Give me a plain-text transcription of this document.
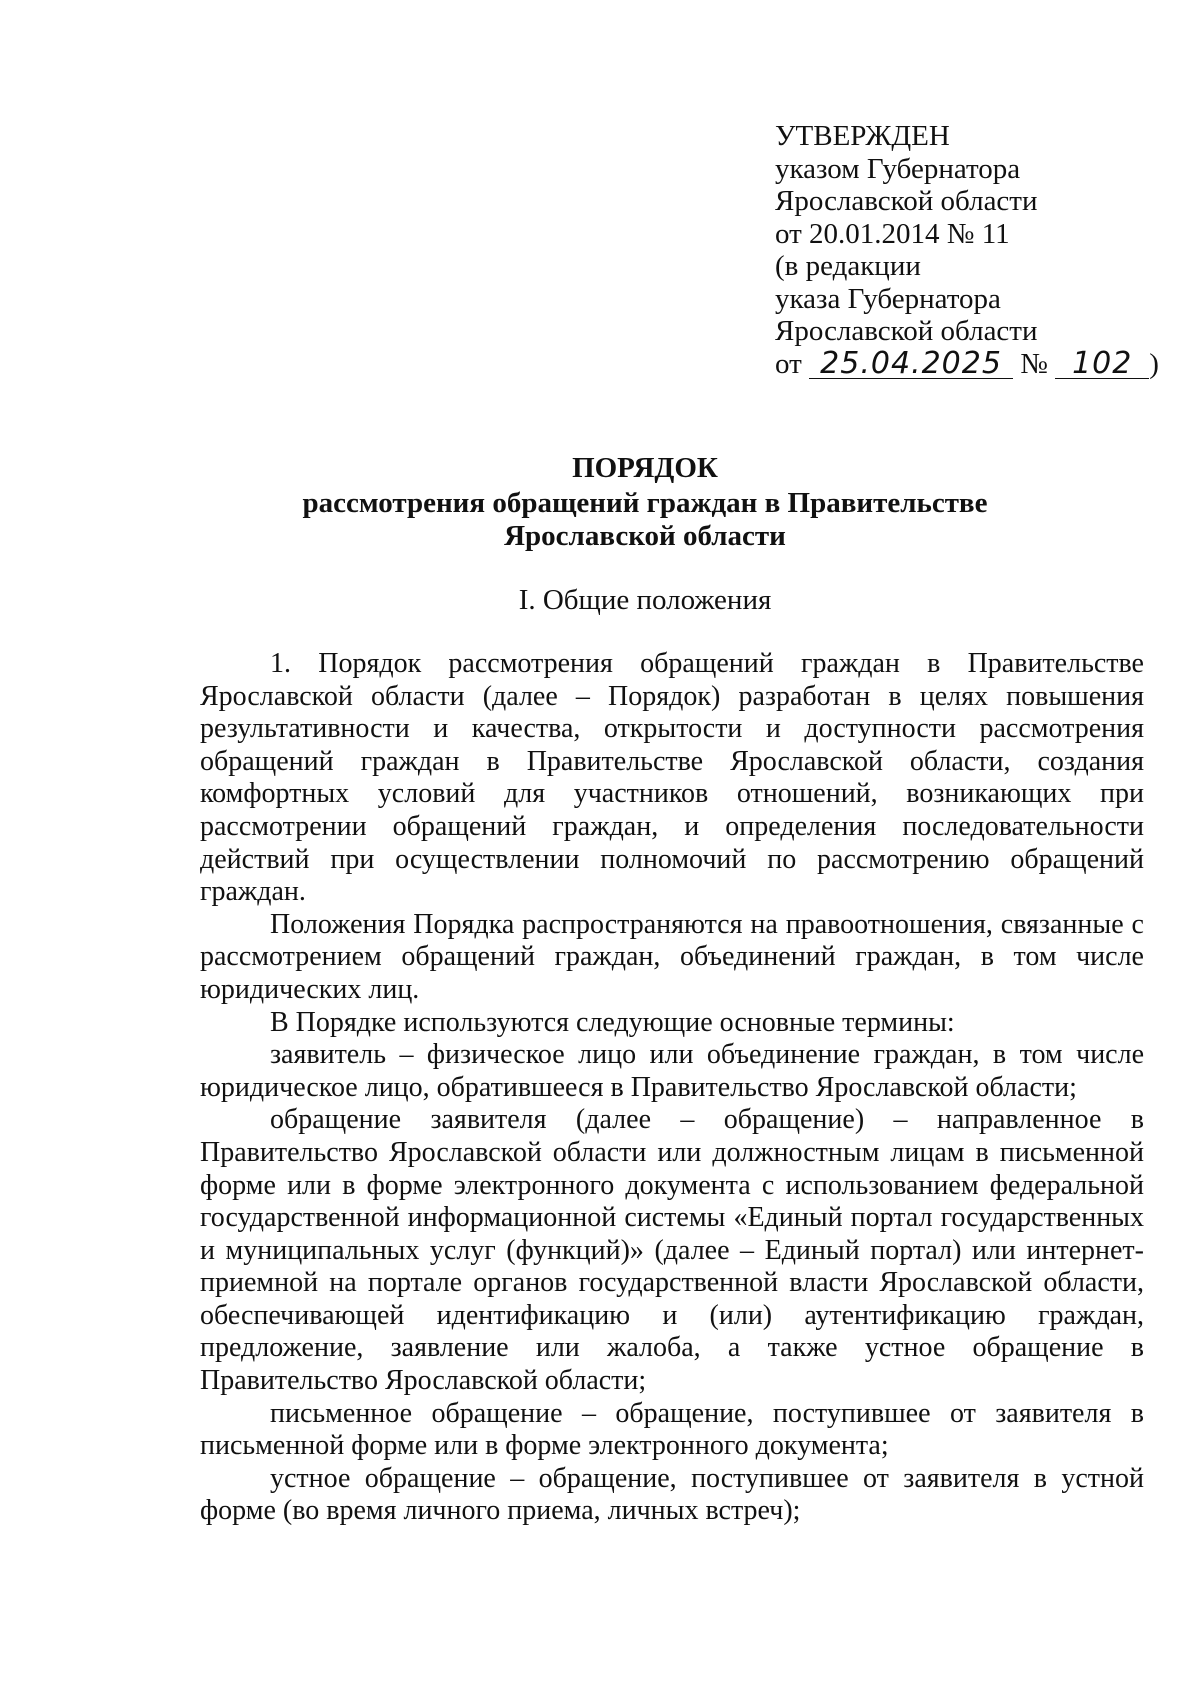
УТВЕРЖДЕН
указом Губернатора
Ярославской области
от 20.01.2014 № 11
(в редакции
указа Губернатора
Ярославской области
от 25.04.2025 № 102 )
ПОРЯДОК
рассмотрения обращений граждан в Правительстве
Ярославской области
I. Общие положения

1. Порядок рассмотрения обращений граждан в Правительстве Ярославской области (далее – Порядок) разработан в целях повышения результативности и качества, открытости и доступности рассмотрения обращений граждан в Правительстве Ярославской области, создания комфортных условий для участников отношений, возникающих при рассмотрении обращений граждан, и определения последовательности действий при осуществлении полномочий по рассмотрению обращений граждан.

Положения Порядка распространяются на правоотношения, связанные с рассмотрением обращений граждан, объединений граждан, в том числе юридических лиц.

В Порядке используются следующие основные термины:

заявитель – физическое лицо или объединение граждан, в том числе юридическое лицо, обратившееся в Правительство Ярославской области;

обращение заявителя (далее – обращение) – направленное в Правительство Ярославской области или должностным лицам в письменной форме или в форме электронного документа с использованием федеральной государственной информационной системы «Единый портал государственных и муниципальных услуг (функций)» (далее – Единый портал) или интернет-приемной на портале органов государственной власти Ярославской области, обеспечивающей идентификацию и (или) аутентификацию граждан, предложение, заявление или жалоба, а также устное обращение в Правительство Ярославской области;

письменное обращение – обращение, поступившее от заявителя в письменной форме или в форме электронного документа;

устное обращение – обращение, поступившее от заявителя в устной форме (во время личного приема, личных встреч);
